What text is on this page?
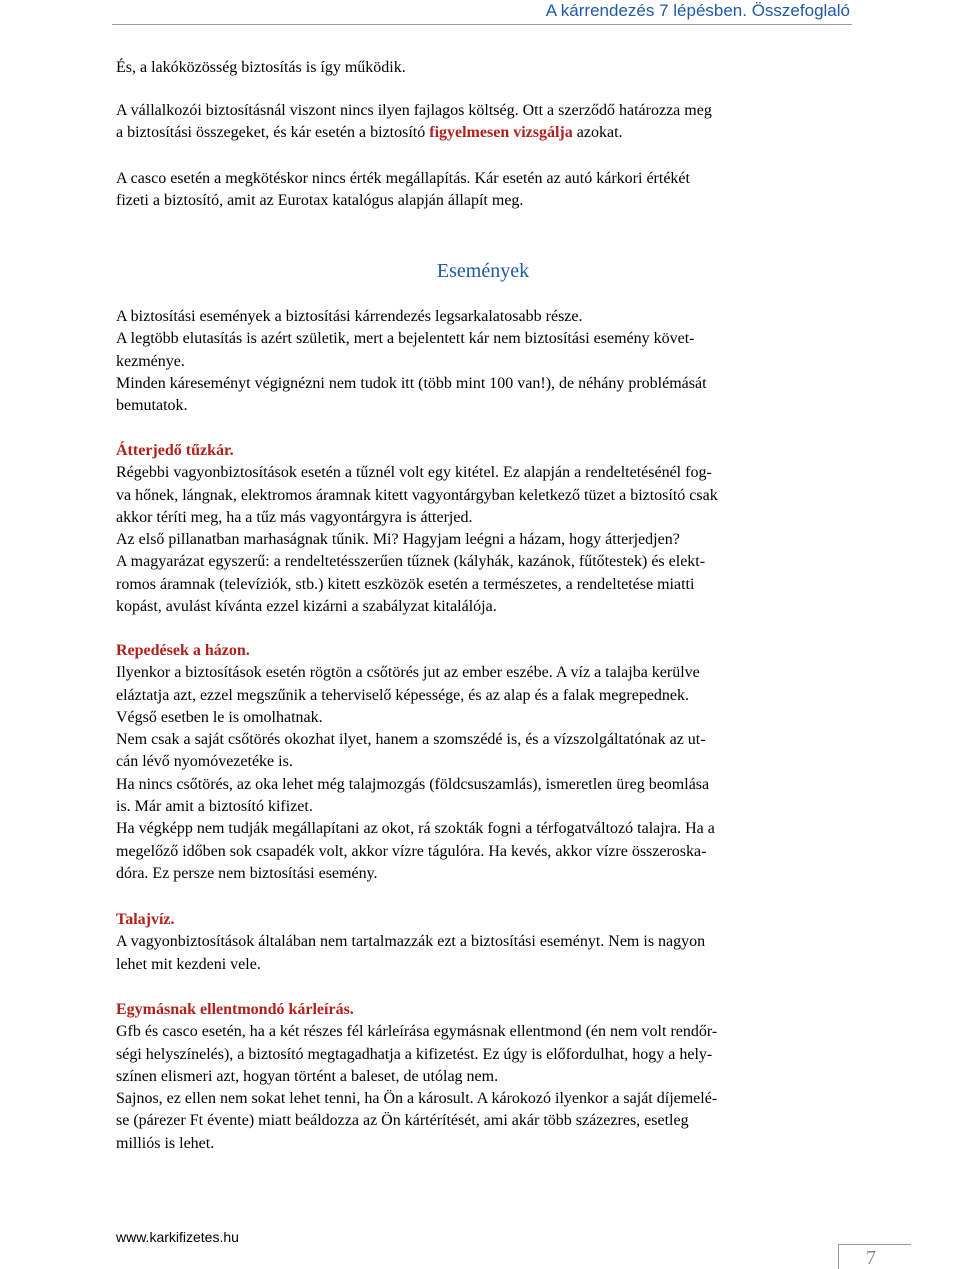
A kárrendezés 7 lépésben. Összefoglaló
És, a lakóközösség biztosítás is így működik.
A vállalkozói biztosításnál viszont nincs ilyen fajlagos költség. Ott a szerződő határozza meg
a biztosítási összegeket, és kár esetén a biztosító figyelmesen vizsgálja azokat.
A casco esetén a megkötéskor nincs érték megállapítás. Kár esetén az autó kárkori értékét
fizeti a biztosító, amit az Eurotax katalógus alapján állapít meg.
Események
A biztosítási események a biztosítási kárrendezés legsarkalatosabb része.
A legtöbb elutasítás is azért születik, mert a bejelentett kár nem biztosítási esemény követ-
kezménye.
Minden káreseményt végignézni nem tudok itt (több mint 100 van!), de néhány problémását
bemutatok.
Átterjedő tűzkár.
Régebbi vagyonbiztosítások esetén a tűznél volt egy kitétel. Ez alapján a rendeltetésénél fog-
va hőnek, lángnak, elektromos áramnak kitett vagyontárgyban keletkező tüzet a biztosító csak
akkor téríti meg, ha a tűz más vagyontárgyra is átterjed.
Az első pillanatban marhaságnak tűnik. Mi? Hagyjam leégni a házam, hogy átterjedjen?
A magyarázat egyszerű: a rendeltetésszerűen tűznek (kályhák, kazánok, fűtőtestek) és elekt-
romos áramnak (televíziók, stb.) kitett eszközök esetén a természetes, a rendeltetése miatti
kopást, avulást kívánta ezzel kizárni a szabályzat kitalálója.
Repedések a házon.
Ilyenkor a biztosítások esetén rögtön a csőtörés jut az ember eszébe. A víz a talajba kerülve
eláztatja azt, ezzel megszűnik a teherviselő képessége, és az alap és a falak megrepednek.
Végső esetben le is omolhatnak.
Nem csak a saját csőtörés okozhat ilyet, hanem a szomszédé is, és a vízszolgáltatónak az ut-
cán lévő nyomóvezetéke is.
Ha nincs csőtörés, az oka lehet még talajmozgás (földcsuszamlás), ismeretlen üreg beomlása
is. Már amit a biztosító kifizet.
Ha végképp nem tudják megállapítani az okot, rá szokták fogni a térfogatváltozó talajra. Ha a
megelőző időben sok csapadék volt, akkor vízre tágulóra. Ha kevés, akkor vízre összeroska-
dóra. Ez persze nem biztosítási esemény.
Talajvíz.
A vagyonbiztosítások általában nem tartalmazzák ezt a biztosítási eseményt. Nem is nagyon
lehet mit kezdeni vele.
Egymásnak ellentmondó kárleírás.
Gfb és casco esetén, ha a két részes fél kárleírása egymásnak ellentmond (én nem volt rendőr-
ségi helyszínelés), a biztosító megtagadhatja a kifizetést. Ez úgy is előfordulhat, hogy a hely-
színen elismeri azt, hogyan történt a baleset, de utólag nem.
Sajnos, ez ellen nem sokat lehet tenni, ha Ön a károsult. A károkozó ilyenkor a saját díjemelé-
se (párezer Ft évente) miatt beáldozza az Ön kártérítését, ami akár több százezres, esetleg
milliós is lehet.
www.karkifizetes.hu
7
